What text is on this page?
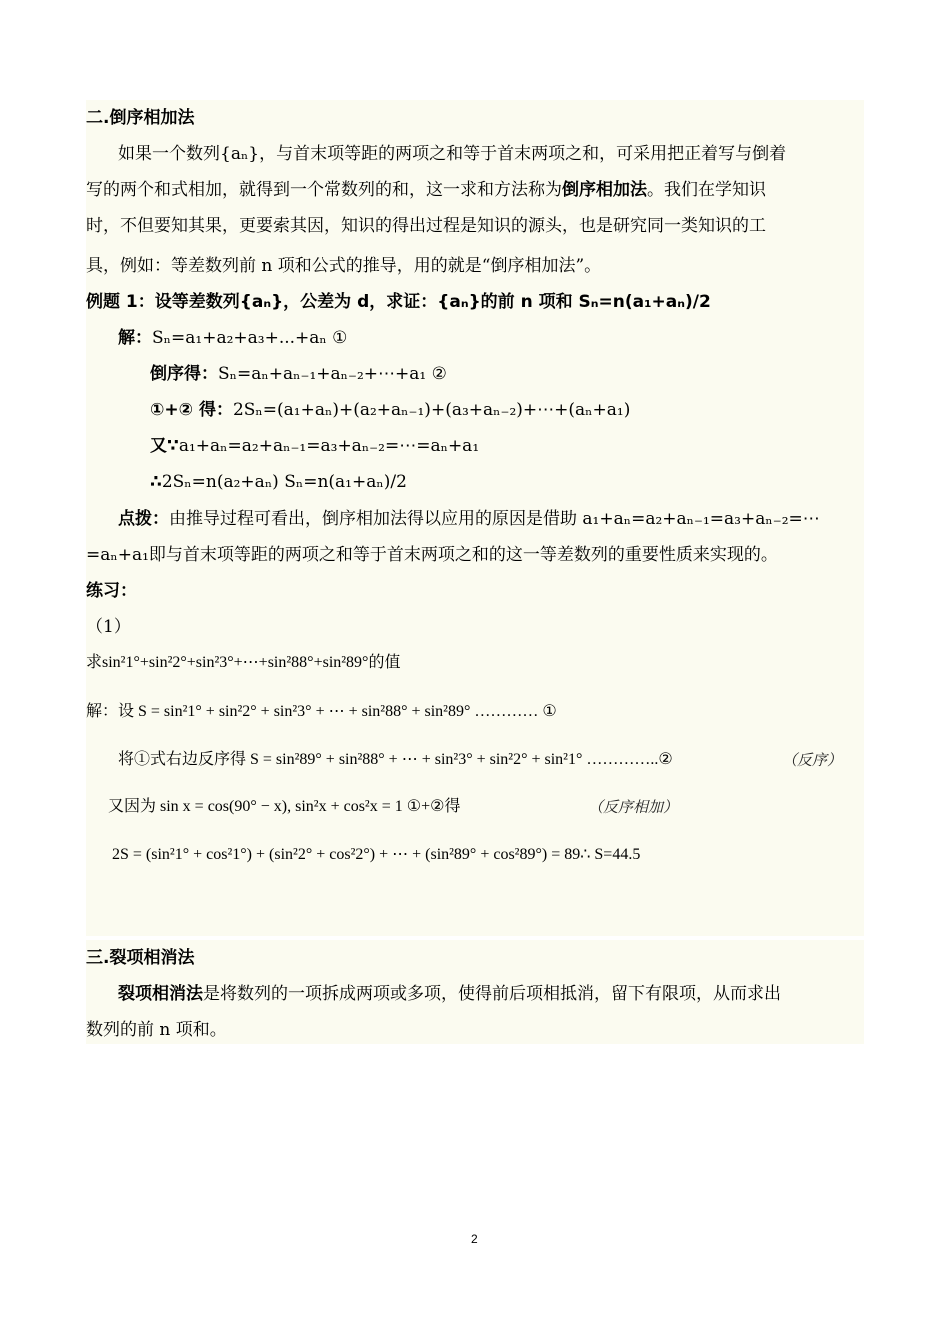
二.倒序相加法
如果一个数列{aₙ}，与首末项等距的两项之和等于首末两项之和，可采用把正着写与倒着
写的两个和式相加，就得到一个常数列的和，这一求和方法称为倒序相加法。我们在学知识
时，不但要知其果，更要索其因，知识的得出过程是知识的源头，也是研究同一类知识的工
具，例如：等差数列前 n 项和公式的推导，用的就是“倒序相加法”。
例题 1：设等差数列{aₙ}，公差为 d，求证：{aₙ}的前 n 项和 Sₙ=n(a₁+aₙ)/2
解：Sₙ=a₁+a₂+a₃+...+aₙ ①
倒序得：Sₙ=aₙ+aₙ₋₁+aₙ₋₂+⋯+a₁ ②
①+② 得：2Sₙ=(a₁+aₙ)+(a₂+aₙ₋₁)+(a₃+aₙ₋₂)+⋯+(aₙ+a₁)
又∵a₁+aₙ=a₂+aₙ₋₁=a₃+aₙ₋₂=⋯=aₙ+a₁
∴2Sₙ=n(a₂+aₙ) Sₙ=n(a₁+aₙ)/2
点拨：由推导过程可看出，倒序相加法得以应用的原因是借助 a₁+aₙ=a₂+aₙ₋₁=a₃+aₙ₋₂=⋯
=aₙ+a₁即与首末项等距的两项之和等于首末两项之和的这一等差数列的重要性质来实现的。
练习：
（1）
求sin²1°+sin²2°+sin²3°+⋯+sin²88°+sin²89°的值
解：设 S = sin²1° + sin²2° + sin²3° + ⋯ + sin²88° + sin²89° ………… ①
将①式右边反序得 S = sin²89° + sin²88° + ⋯ + sin²3° + sin²2° + sin²1° …………..②	（反序）
又因为 sin x = cos(90° − x), sin²x + cos²x = 1 ①+②得	（反序相加）
2S = (sin²1° + cos²1°) + (sin²2° + cos²2°) + ⋯ + (sin²89° + cos²89°) = 89∴ S=44.5
三.裂项相消法
裂项相消法是将数列的一项拆成两项或多项，使得前后项相抵消，留下有限项，从而求出
数列的前 n 项和。
2
